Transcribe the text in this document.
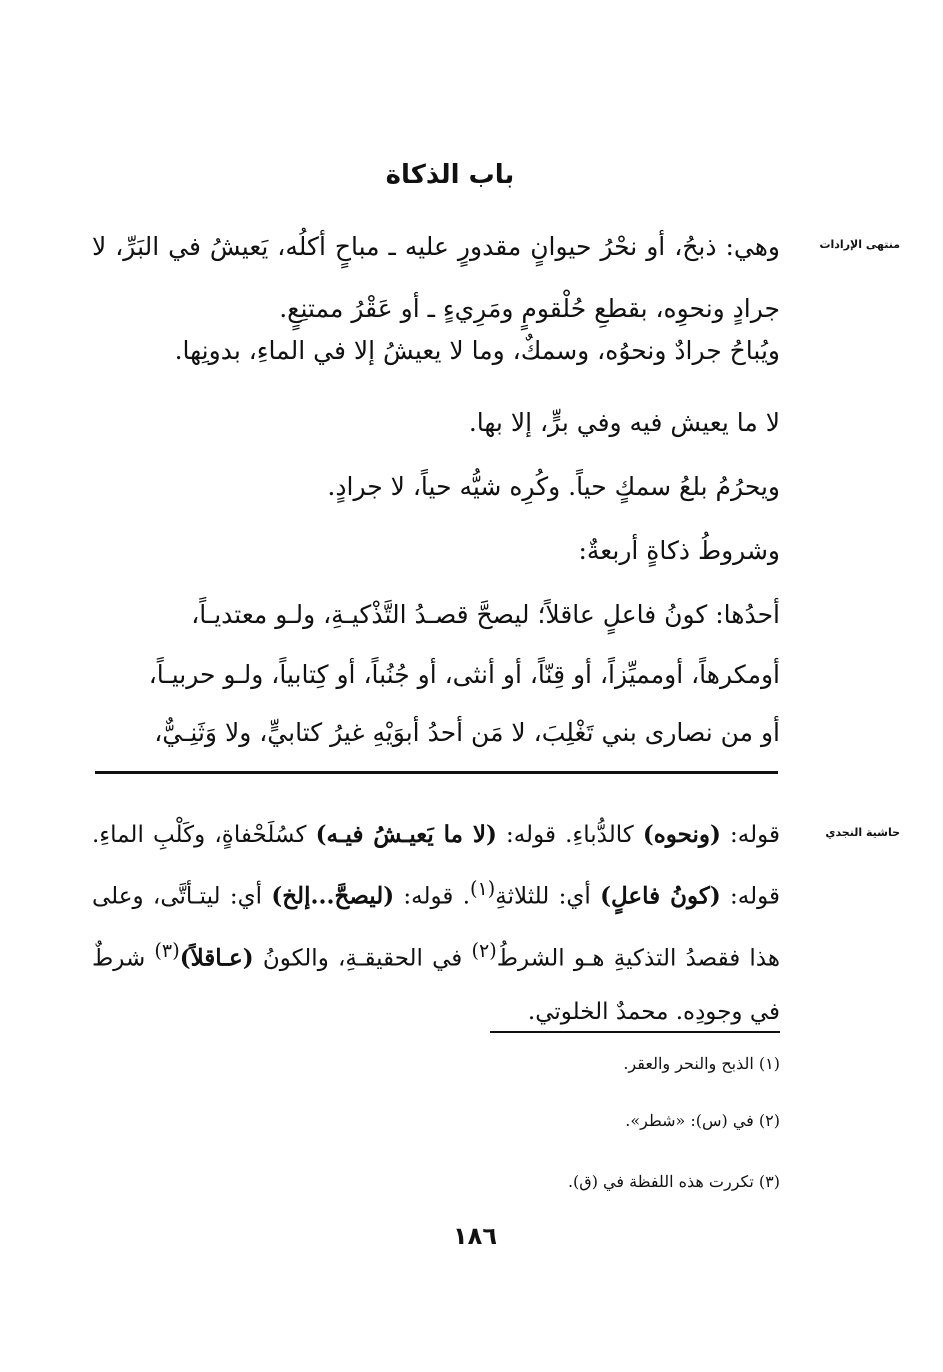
باب الذكاة
منتهى الإرادات

وهي: ذبحُ، أو نحْرُ حيوانٍ مقدورٍ عليه ـ مباحٍ أكلُه، يَعيشُ في البَرِّ، لا جرادٍ ونحوِه، بقطعِ حُلْقومٍ ومَرِيءٍ ـ أو عَقْرُ ممتنِعٍ.

ويُباحُ جرادٌ ونحوُه، وسمكٌ، وما لا يعيشُ إلا في الماءِ، بدونِها.
لا ما يعيش فيه وفي برٍّ، إلا بها.
ويحرُمُ بلعُ سمكٍ حياً. وكُرِه شيُّه حياً، لا جرادٍ.
وشروطُ ذكاةٍ أربعةٌ:
أحدُها: كونُ فاعلٍ عاقلاً؛ ليصحَّ قصـدُ التَّذْكيـةِ، ولـو معتديـاً،
أومكرهاً، أومميِّزاً، أو قِنّاً، أو أنثى، أو جُنُباً، أو كِتابياً، ولـو حربيـاً،
أو من نصارى بني تَغْلِبَ، لا مَن أحدُ أبوَيْهِ غيرُ كتابيٍّ، ولا وَثَنِـيٌّ،
حاشية النجدي
قوله: (ونحوه) كالدُّباءِ. قوله: (لا ما يَعيـشُ فيـه) كسُلَحْفاةٍ، وكَلْبِ الماءِ. قوله: (كونُ فاعلٍ) أي: للثلاثةِ$^{(١)}$. قوله: (ليصحَّ...إلخ) أي: ليتـأتَّى، وعلى هذا فقصدُ التذكيةِ هـو الشرطُ$^{(٢)}$ في الحقيقـةِ، والكونُ (عـاقلاً)$^{(٣)}$ شرطٌ في وجودِه. محمدٌ الخلوتي.
(١) الذبح والنحر والعقر.
(٢) في (س): «شطر».
(٣) تكررت هذه اللفظة في (ق).
١٨٦
